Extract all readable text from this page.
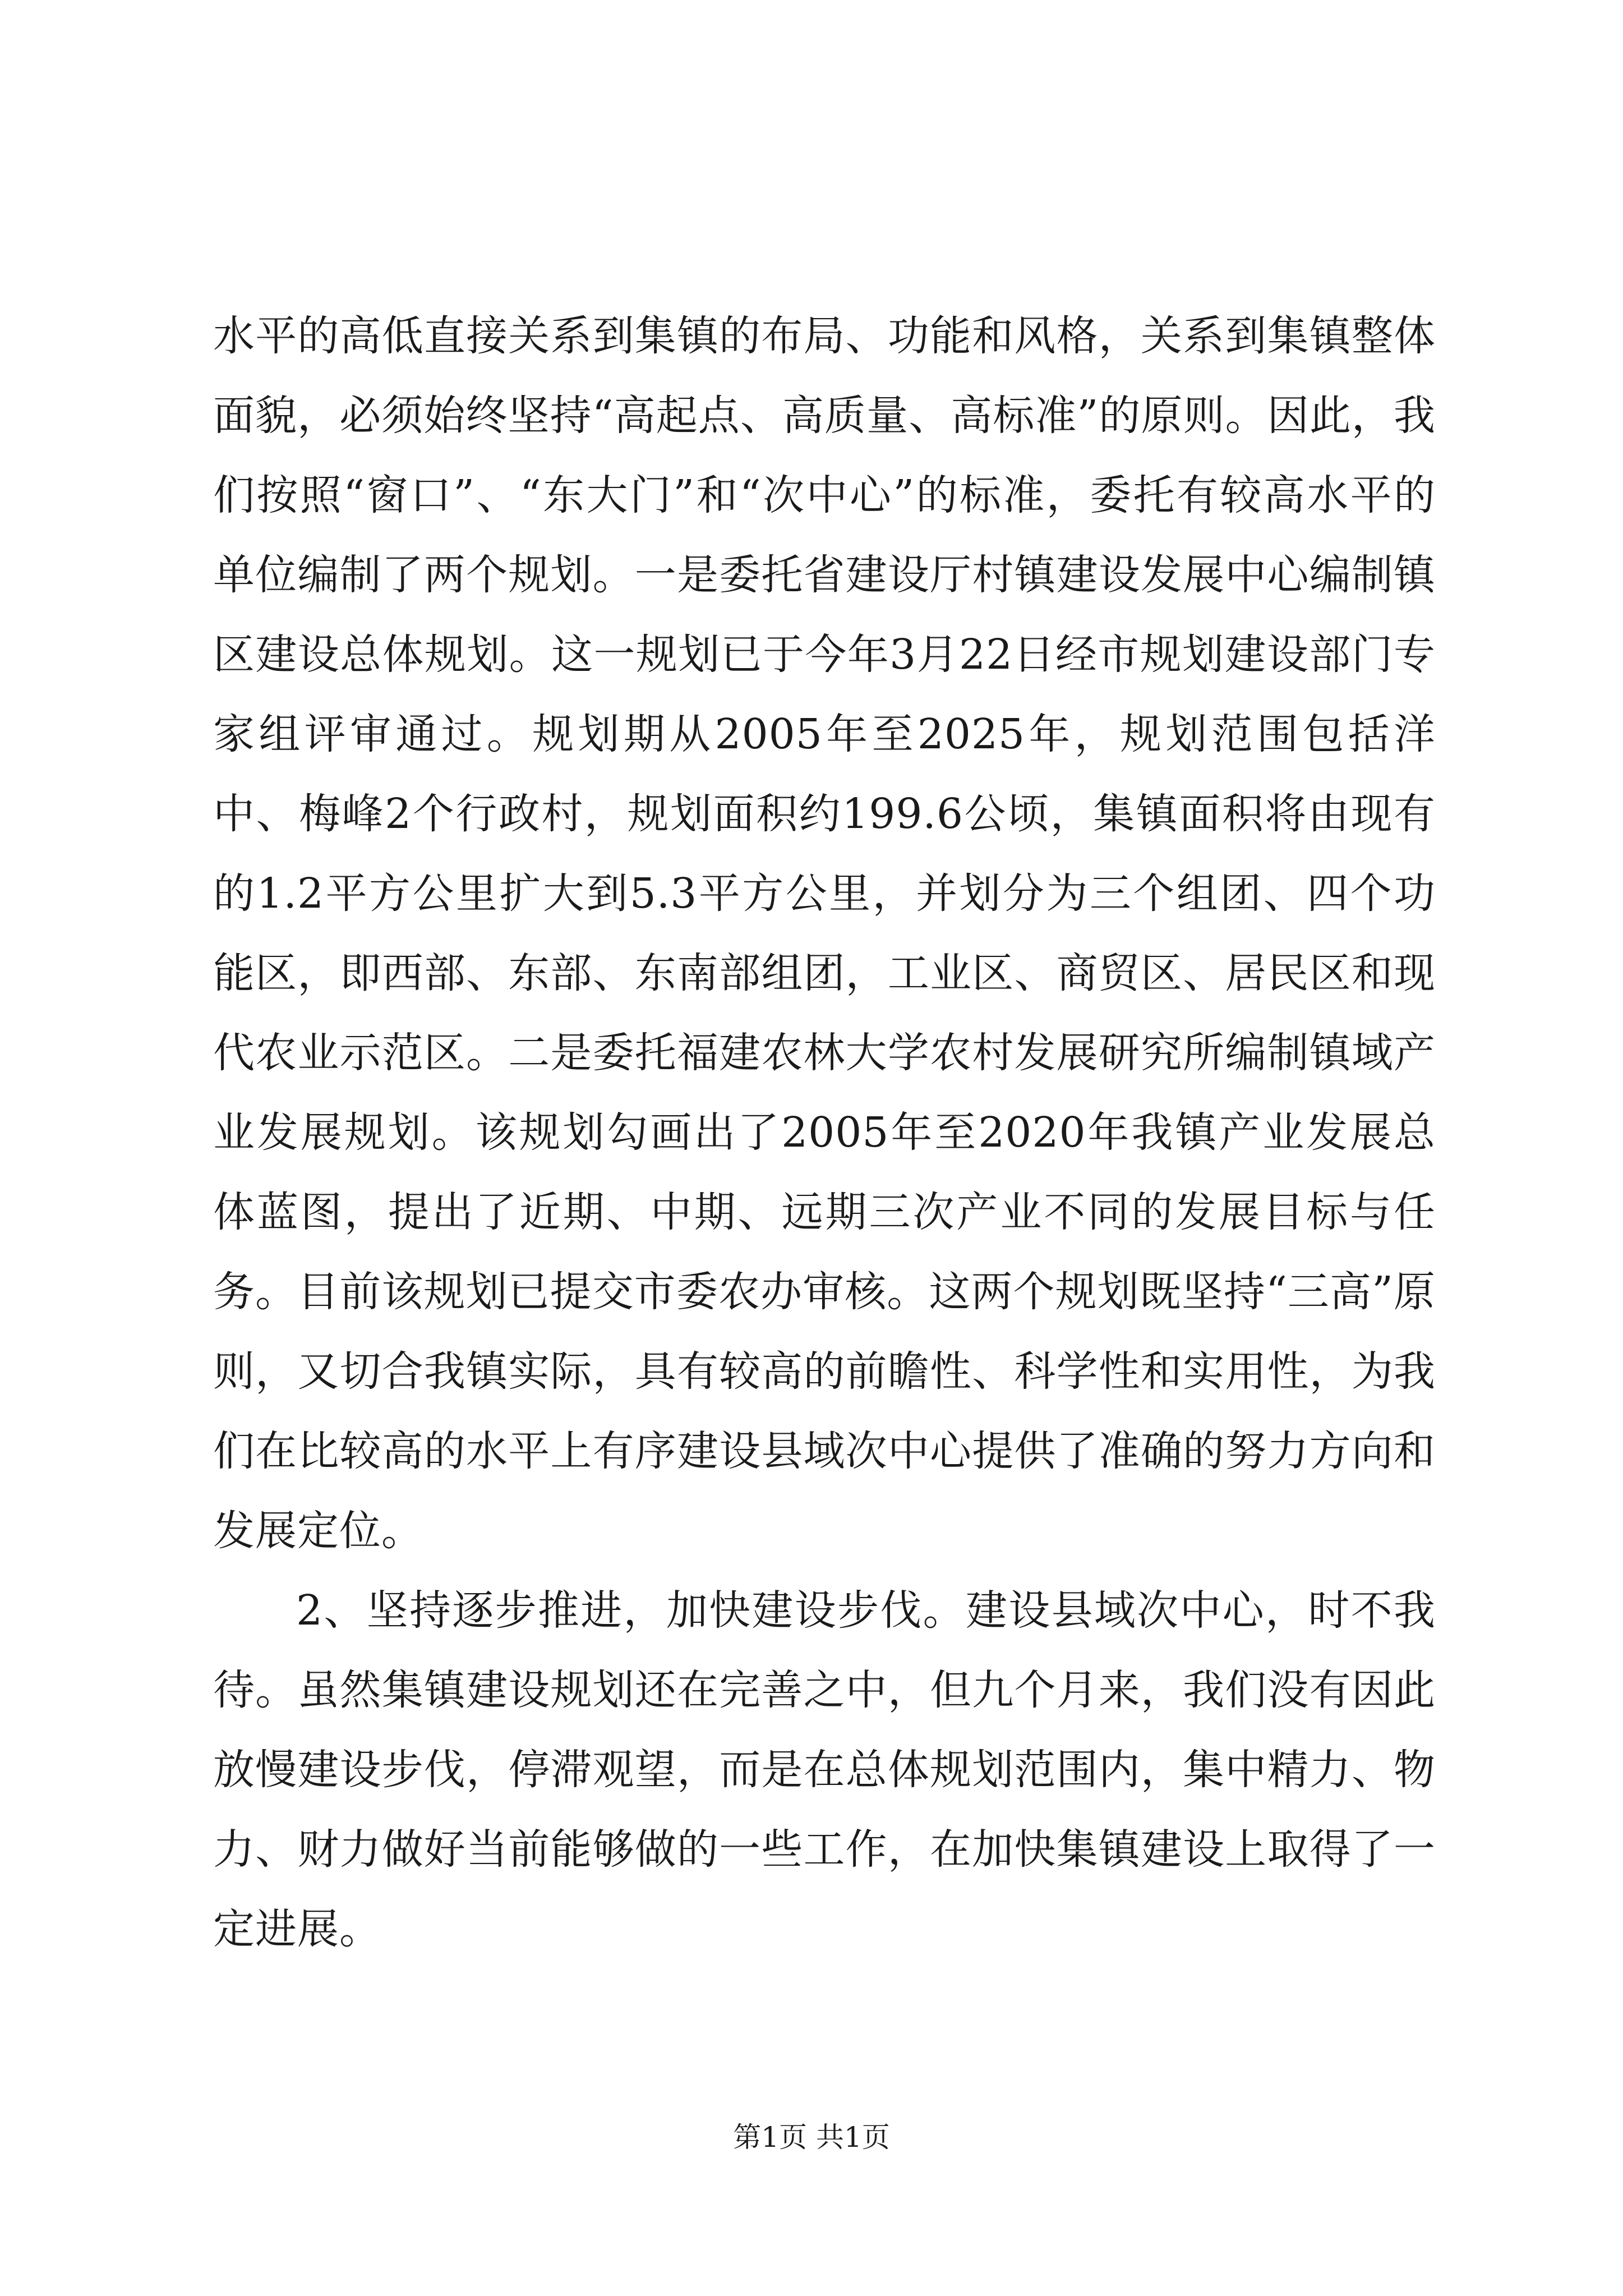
水平的高低直接关系到集镇的布局、功能和风格，关系到集镇整体面貌，必须始终坚持“高起点、高质量、高标准”的原则。因此，我们按照“窗口”、“东大门”和“次中心”的标准，委托有较高水平的单位编制了两个规划。一是委托省建设厅村镇建设发展中心编制镇区建设总体规划。这一规划已于今年3月22日经市规划建设部门专家组评审通过。规划期从2005年至2025年，规划范围包括洋中、梅峰2个行政村，规划面积约199.6公顷，集镇面积将由现有的1.2平方公里扩大到5.3平方公里，并划分为三个组团、四个功能区，即西部、东部、东南部组团，工业区、商贸区、居民区和现代农业示范区。二是委托福建农林大学农村发展研究所编制镇域产业发展规划。该规划勾画出了2005年至2020年我镇产业发展总体蓝图，提出了近期、中期、远期三次产业不同的发展目标与任务。目前该规划已提交市委农办审核。这两个规划既坚持“三高”原则，又切合我镇实际，具有较高的前瞻性、科学性和实用性，为我们在比较高的水平上有序建设县域次中心提供了准确的努力方向和发展定位。

2、坚持逐步推进，加快建设步伐。建设县域次中心，时不我待。虽然集镇建设规划还在完善之中，但九个月来，我们没有因此放慢建设步伐，停滞观望，而是在总体规划范围内，集中精力、物力、财力做好当前能够做的一些工作，在加快集镇建设上取得了一定进展。

第1页 共1页
